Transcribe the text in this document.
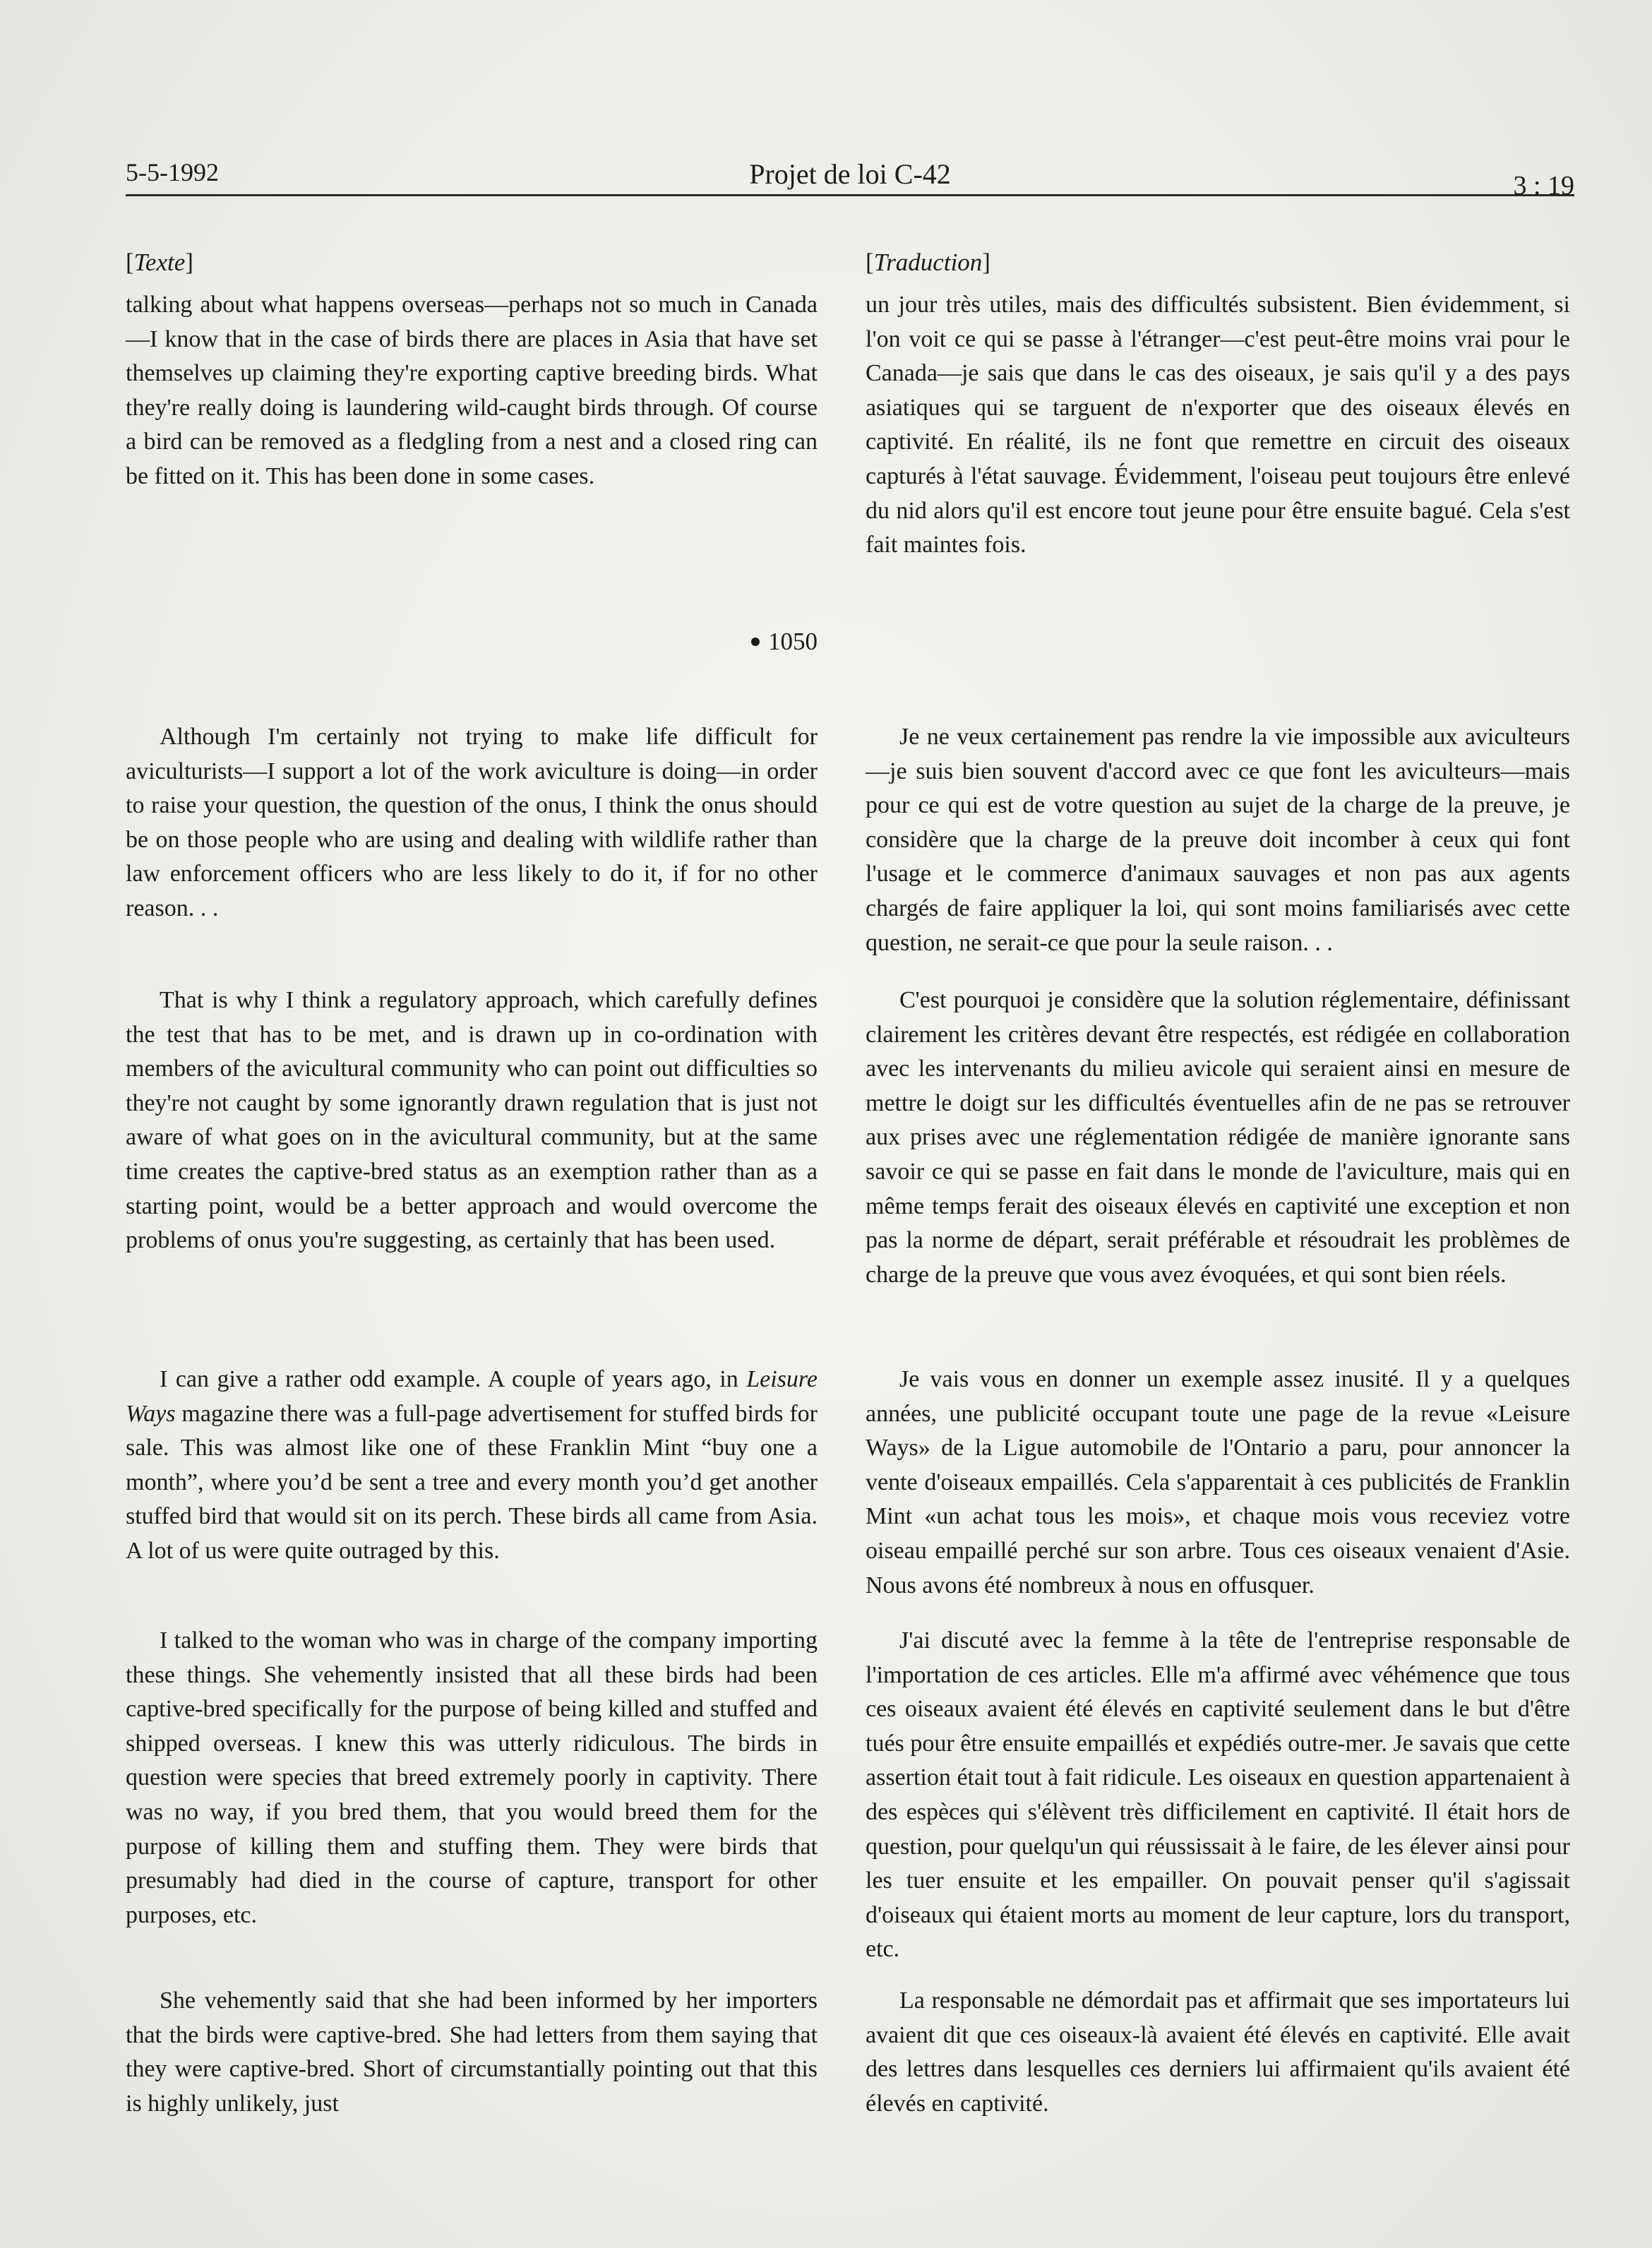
5-5-1992	Projet de loi C-42	3 : 19
[Texte]

talking about what happens overseas—perhaps not so much in Canada—I know that in the case of birds there are places in Asia that have set themselves up claiming they're exporting captive breeding birds. What they're really doing is laundering wild-caught birds through. Of course a bird can be removed as a fledgling from a nest and a closed ring can be fitted on it. This has been done in some cases.

1050

Although I'm certainly not trying to make life difficult for aviculturists—I support a lot of the work aviculture is doing—in order to raise your question, the question of the onus, I think the onus should be on those people who are using and dealing with wildlife rather than law enforcement officers who are less likely to do it, if for no other reason. . .

That is why I think a regulatory approach, which carefully defines the test that has to be met, and is drawn up in co-ordination with members of the avicultural community who can point out difficulties so they're not caught by some ignorantly drawn regulation that is just not aware of what goes on in the avicultural community, but at the same time creates the captive-bred status as an exemption rather than as a starting point, would be a better approach and would overcome the problems of onus you're suggesting, as certainly that has been used.

I can give a rather odd example. A couple of years ago, in Leisure Ways magazine there was a full-page advertisement for stuffed birds for sale. This was almost like one of these Franklin Mint “buy one a month”, where you’d be sent a tree and every month you’d get another stuffed bird that would sit on its perch. These birds all came from Asia. A lot of us were quite outraged by this.

I talked to the woman who was in charge of the company importing these things. She vehemently insisted that all these birds had been captive-bred specifically for the purpose of being killed and stuffed and shipped overseas. I knew this was utterly ridiculous. The birds in question were species that breed extremely poorly in captivity. There was no way, if you bred them, that you would breed them for the purpose of killing them and stuffing them. They were birds that presumably had died in the course of capture, transport for other purposes, etc.

She vehemently said that she had been informed by her importers that the birds were captive-bred. She had letters from them saying that they were captive-bred. Short of circumstantially pointing out that this is highly unlikely, just

[Traduction]

un jour très utiles, mais des difficultés subsistent. Bien évidemment, si l'on voit ce qui se passe à l'étranger—c'est peut-être moins vrai pour le Canada—je sais que dans le cas des oiseaux, je sais qu'il y a des pays asiatiques qui se targuent de n'exporter que des oiseaux élevés en captivité. En réalité, ils ne font que remettre en circuit des oiseaux capturés à l'état sauvage. Évidemment, l'oiseau peut toujours être enlevé du nid alors qu'il est encore tout jeune pour être ensuite bagué. Cela s'est fait maintes fois.

Je ne veux certainement pas rendre la vie impossible aux aviculteurs—je suis bien souvent d'accord avec ce que font les aviculteurs—mais pour ce qui est de votre question au sujet de la charge de la preuve, je considère que la charge de la preuve doit incomber à ceux qui font l'usage et le commerce d'animaux sauvages et non pas aux agents chargés de faire appliquer la loi, qui sont moins familiarisés avec cette question, ne serait-ce que pour la seule raison. . .

C'est pourquoi je considère que la solution réglementaire, définissant clairement les critères devant être respectés, est rédigée en collaboration avec les intervenants du milieu avicole qui seraient ainsi en mesure de mettre le doigt sur les difficultés éventuelles afin de ne pas se retrouver aux prises avec une réglementation rédigée de manière ignorante sans savoir ce qui se passe en fait dans le monde de l'aviculture, mais qui en même temps ferait des oiseaux élevés en captivité une exception et non pas la norme de départ, serait préférable et résoudrait les problèmes de charge de la preuve que vous avez évoquées, et qui sont bien réels.

Je vais vous en donner un exemple assez inusité. Il y a quelques années, une publicité occupant toute une page de la revue «Leisure Ways» de la Ligue automobile de l'Ontario a paru, pour annoncer la vente d'oiseaux empaillés. Cela s'apparentait à ces publicités de Franklin Mint «un achat tous les mois», et chaque mois vous receviez votre oiseau empaillé perché sur son arbre. Tous ces oiseaux venaient d'Asie. Nous avons été nombreux à nous en offusquer.

J'ai discuté avec la femme à la tête de l'entreprise responsable de l'importation de ces articles. Elle m'a affirmé avec véhémence que tous ces oiseaux avaient été élevés en captivité seulement dans le but d'être tués pour être ensuite empaillés et expédiés outre-mer. Je savais que cette assertion était tout à fait ridicule. Les oiseaux en question appartenaient à des espèces qui s'élèvent très difficilement en captivité. Il était hors de question, pour quelqu'un qui réussissait à le faire, de les élever ainsi pour les tuer ensuite et les empailler. On pouvait penser qu'il s'agissait d'oiseaux qui étaient morts au moment de leur capture, lors du transport, etc.

La responsable ne démordait pas et affirmait que ses importateurs lui avaient dit que ces oiseaux-là avaient été élevés en captivité. Elle avait des lettres dans lesquelles ces derniers lui affirmaient qu'ils avaient été élevés en captivité.
